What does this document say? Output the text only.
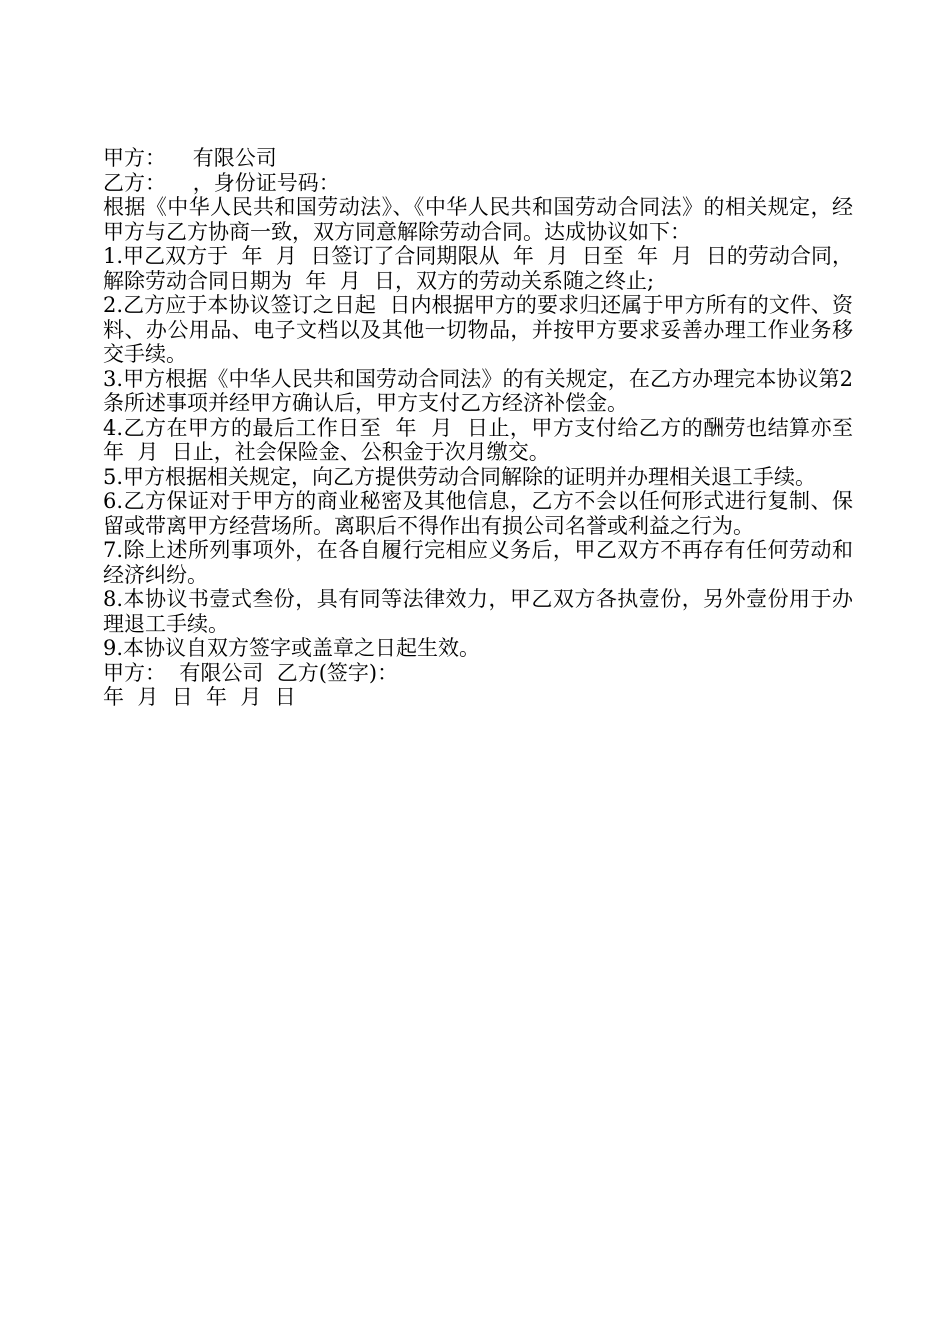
甲方：    有限公司

乙方：    ，身份证号码：

根据《中华人民共和国劳动法》、《中华人民共和国劳动合同法》的相关规定，经甲方与乙方协商一致，双方同意解除劳动合同。达成协议如下：

1.甲乙双方于  年  月  日签订了合同期限从  年  月  日至  年  月  日的劳动合同，解除劳动合同日期为  年  月  日，双方的劳动关系随之终止;

2.乙方应于本协议签订之日起  日内根据甲方的要求归还属于甲方所有的文件、资料、办公用品、电子文档以及其他一切物品，并按甲方要求妥善办理工作业务移交手续。

3.甲方根据《中华人民共和国劳动合同法》的有关规定，在乙方办理完本协议第2条所述事项并经甲方确认后，甲方支付乙方经济补偿金。

4.乙方在甲方的最后工作日至  年  月  日止，甲方支付给乙方的酬劳也结算亦至  年  月  日止，社会保险金、公积金于次月缴交。

5.甲方根据相关规定，向乙方提供劳动合同解除的证明并办理相关退工手续。

6.乙方保证对于甲方的商业秘密及其他信息，乙方不会以任何形式进行复制、保留或带离甲方经营场所。离职后不得作出有损公司名誉或利益之行为。

7.除上述所列事项外，在各自履行完相应义务后，甲乙双方不再存有任何劳动和经济纠纷。

8.本协议书壹式叁份，具有同等法律效力，甲乙双方各执壹份，另外壹份用于办理退工手续。

9.本协议自双方签字或盖章之日起生效。

甲方：  有限公司  乙方(签字)：

年  月  日  年  月  日
